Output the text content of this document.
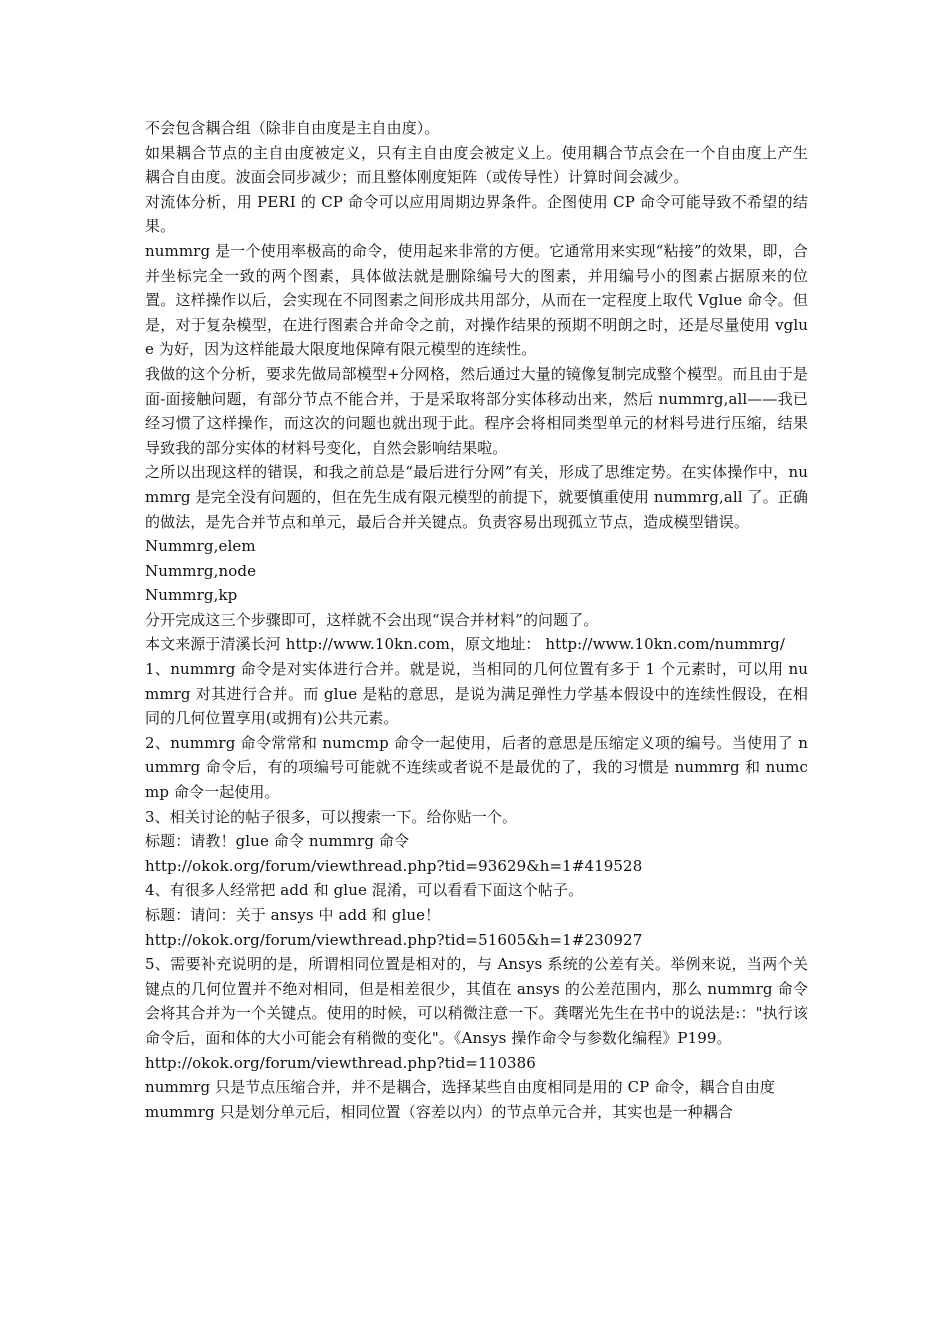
不会包含耦合组（除非自由度是主自由度）。

如果耦合节点的主自由度被定义，只有主自由度会被定义上。使用耦合节点会在一个自由度上产生耦合自由度。波面会同步减少；而且整体刚度矩阵（或传导性）计算时间会减少。

对流体分析，用 PERI 的 CP 命令可以应用周期边界条件。企图使用 CP 命令可能导致不希望的结果。

nummrg 是一个使用率极高的命令，使用起来非常的方便。它通常用来实现“粘接”的效果，即，合并坐标完全一致的两个图素，具体做法就是删除编号大的图素，并用编号小的图素占据原来的位置。这样操作以后，会实现在不同图素之间形成共用部分，从而在一定程度上取代 Vglue 命令。但是，对于复杂模型，在进行图素合并命令之前，对操作结果的预期不明朗之时，还是尽量使用 vglue 为好，因为这样能最大限度地保障有限元模型的连续性。

我做的这个分析，要求先做局部模型+分网格，然后通过大量的镜像复制完成整个模型。而且由于是面-面接触问题，有部分节点不能合并，于是采取将部分实体移动出来，然后 nummrg,all——我已经习惯了这样操作，而这次的问题也就出现于此。程序会将相同类型单元的材料号进行压缩，结果导致我的部分实体的材料号变化，自然会影响结果啦。

之所以出现这样的错误，和我之前总是“最后进行分网”有关，形成了思维定势。在实体操作中，nummrg 是完全没有问题的，但在先生成有限元模型的前提下，就要慎重使用 nummrg,all 了。正确的做法，是先合并节点和单元，最后合并关键点。负责容易出现孤立节点，造成模型错误。

Nummrg,elem

Nummrg,node

Nummrg,kp

分开完成这三个步骤即可，这样就不会出现“误合并材料”的问题了。

本文来源于清溪长河 http://www.10kn.com，原文地址： http://www.10kn.com/nummrg/

1、nummrg 命令是对实体进行合并。就是说，当相同的几何位置有多于 1 个元素时，可以用 nummrg 对其进行合并。而 glue 是粘的意思，是说为满足弹性力学基本假设中的连续性假设，在相同的几何位置享用(或拥有)公共元素。

2、nummrg 命令常常和 numcmp 命令一起使用，后者的意思是压缩定义项的编号。当使用了 nummrg 命令后，有的项编号可能就不连续或者说不是最优的了，我的习惯是 nummrg 和 numcmp 命令一起使用。

3、相关讨论的帖子很多，可以搜索一下。给你贴一个。

标题：请教！glue 命令 nummrg 命令

http://okok.org/forum/viewthread.php?tid=93629&h=1#419528

4、有很多人经常把 add 和 glue 混淆，可以看看下面这个帖子。

标题：请问：关于 ansys 中 add 和 glue！

http://okok.org/forum/viewthread.php?tid=51605&h=1#230927

5、需要补充说明的是，所谓相同位置是相对的，与 Ansys 系统的公差有关。举例来说，当两个关键点的几何位置并不绝对相同，但是相差很少，其值在 ansys 的公差范围内，那么 nummrg 命令会将其合并为一个关键点。使用的时候，可以稍微注意一下。龚曙光先生在书中的说法是:："执行该命令后，面和体的大小可能会有稍微的变化"。《Ansys 操作命令与参数化编程》P199。

http://okok.org/forum/viewthread.php?tid=110386

nummrg 只是节点压缩合并，并不是耦合，选择某些自由度相同是用的 CP 命令，耦合自由度

mummrg 只是划分单元后，相同位置（容差以内）的节点单元合并，其实也是一种耦合
